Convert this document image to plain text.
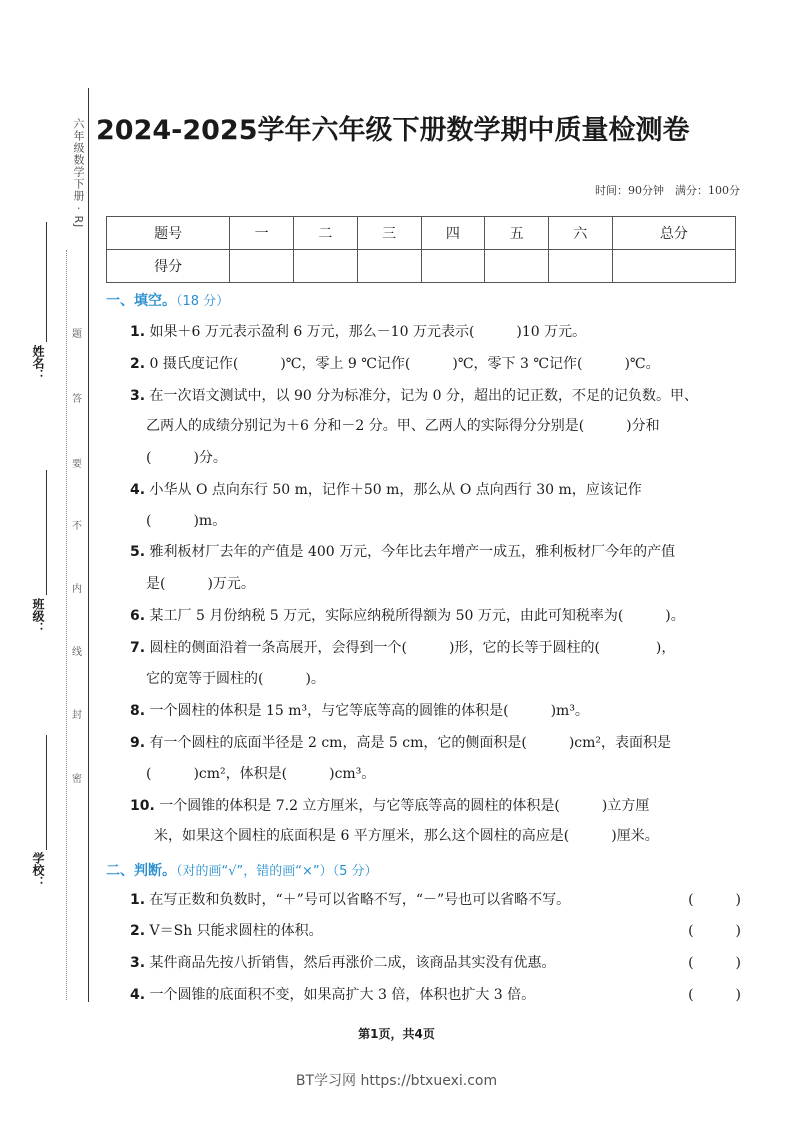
六年级数学下册 · RJ
姓名：
班级：
学校：
题
答
要
不
内
线
封
密
2024-2025学年六年级下册数学期中质量检测卷
时间：90分钟　满分：100分
题号	一	二	三	四	五	六	总分
得分							
一、填空。（18 分）
1. 如果＋6 万元表示盈利 6 万元，那么－10 万元表示(　　　)10 万元。
2. 0 摄氏度记作(　　　)℃，零上 9 ℃记作(　　　)℃，零下 3 ℃记作(　　　)℃。
3. 在一次语文测试中，以 90 分为标准分，记为 0 分，超出的记正数，不足的记负数。甲、
乙两人的成绩分别记为＋6 分和－2 分。甲、乙两人的实际得分分别是(　　　)分和
(　　　)分。
4. 小华从 O 点向东行 50 m，记作＋50 m，那么从 O 点向西行 30 m，应该记作
(　　　)m。
5. 雅利板材厂去年的产值是 400 万元，今年比去年增产一成五，雅利板材厂今年的产值
是(　　　)万元。
6. 某工厂 5 月份纳税 5 万元，实际应纳税所得额为 50 万元，由此可知税率为(　　　)。
7. 圆柱的侧面沿着一条高展开，会得到一个(　　　)形，它的长等于圆柱的(　　　　)，
它的宽等于圆柱的(　　　)。
8. 一个圆柱的体积是 15 m³，与它等底等高的圆锥的体积是(　　　)m³。
9. 有一个圆柱的底面半径是 2 cm，高是 5 cm，它的侧面积是(　　　)cm²，表面积是
(　　　)cm²，体积是(　　　)cm³。
10. 一个圆锥的体积是 7.2 立方厘米，与它等底等高的圆柱的体积是(　　　)立方厘
米，如果这个圆柱的底面积是 6 平方厘米，那么这个圆柱的高应是(　　　)厘米。
二、判断。（对的画“√”，错的画“×”）（5 分）
1. 在写正数和负数时，“＋”号可以省略不写，“－”号也可以省略不写。	(　　　)
2. V＝Sh 只能求圆柱的体积。	(　　　)
3. 某件商品先按八折销售，然后再涨价二成，该商品其实没有优惠。	(　　　)
4. 一个圆锥的底面积不变，如果高扩大 3 倍，体积也扩大 3 倍。	(　　　)
第1页，共4页
BT学习网 https://btxuexi.com
